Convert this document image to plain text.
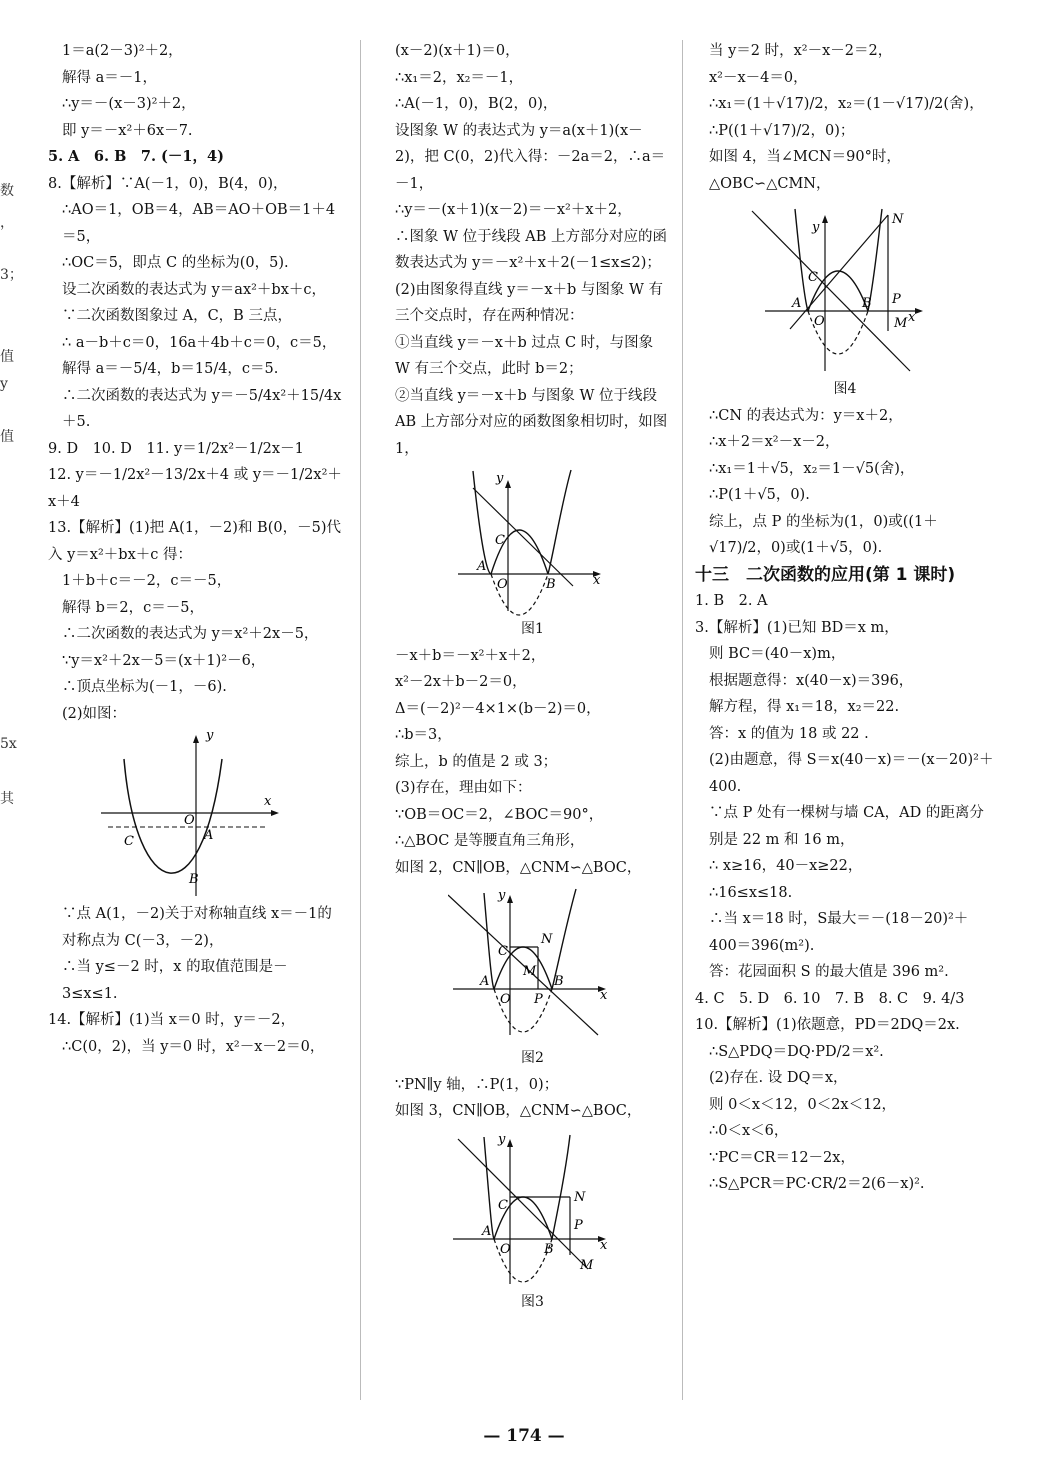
数
，
3；
值
y
值
5x
其

1＝a(2－3)²＋2，

解得 a＝－1，

∴y＝－(x－3)²＋2，

即 y＝－x²＋6x－7.

5. A　6. B　7. (－1，4)

8.【解析】∵A(－1，0)，B(4，0)，

∴AO＝1，OB＝4，AB＝AO＋OB＝1＋4＝5，

∴OC＝5，即点 C 的坐标为(0，5).

设二次函数的表达式为 y＝ax²＋bx＋c，

∵二次函数图象过 A，C，B 三点，

∴ a－b＋c＝0，16a＋4b＋c＝0，c＝5，

解得 a＝－5/4，b＝15/4，c＝5.

∴二次函数的表达式为 y＝－5/4x²＋15/4x＋5.

9. D　10. D　11. y＝1/2x²－1/2x－1

12. y＝－1/2x²－13/2x＋4 或 y＝－1/2x²＋x＋4

13.【解析】(1)把 A(1，－2)和 B(0，－5)代入 y＝x²＋bx＋c 得：

1＋b＋c＝－2，c＝－5，

解得 b＝2，c＝－5，

∴二次函数的表达式为 y＝x²＋2x－5，

∵y＝x²＋2x－5＝(x＋1)²－6，

∴顶点坐标为(－1，－6).

(2)如图：

y
x
O
A
C
B

∵点 A(1，－2)关于对称轴直线 x＝－1的对称点为 C(－3，－2)，

∴当 y≤－2 时，x 的取值范围是－3≤x≤1.

14.【解析】(1)当 x＝0 时，y＝－2，

∴C(0，2)，当 y＝0 时，x²－x－2＝0，

(x－2)(x＋1)＝0，

∴x₁＝2，x₂＝－1，

∴A(－1，0)，B(2，0)，

设图象 W 的表达式为 y＝a(x＋1)(x－2)，把 C(0，2)代入得：－2a＝2，∴a＝－1，

∴y＝－(x＋1)(x－2)＝－x²＋x＋2，

∴图象 W 位于线段 AB 上方部分对应的函数表达式为 y＝－x²＋x＋2(－1≤x≤2)；

(2)由图象得直线 y＝－x＋b 与图象 W 有三个交点时，存在两种情况：

①当直线 y＝－x＋b 过点 C 时，与图象 W 有三个交点，此时 b＝2；

②当直线 y＝－x＋b 与图象 W 位于线段 AB 上方部分对应的函数图象相切时，如图 1，

y
x
A
O
C
B

图1

－x＋b＝－x²＋x＋2，

x²－2x＋b－2＝0，

Δ＝(－2)²－4×1×(b－2)＝0，

∴b＝3，

综上，b 的值是 2 或 3；

(3)存在，理由如下：

∵OB＝OC＝2，∠BOC＝90°，

∴△BOC 是等腰直角三角形，

如图 2，CN∥OB，△CNM∽△BOC，

y
x
A
O
C
N
M
P
B

图2

∵PN∥y 轴，∴P(1，0)；

如图 3，CN∥OB，△CNM∽△BOC，

y
x
A
O
C
N
P
B
M

图3

当 y＝2 时，x²－x－2＝2，

x²－x－4＝0，

∴x₁＝(1＋√17)/2，x₂＝(1－√17)/2(舍)，

∴P((1＋√17)/2，0)；

如图 4，当∠MCN＝90°时，△OBC∽△CMN，

y
x
A
O
C
B
N
P
M

图4

∴CN 的表达式为：y＝x＋2，

∴x＋2＝x²－x－2，

∴x₁＝1＋√5，x₂＝1－√5(舍)，

∴P(1＋√5，0).

综上，点 P 的坐标为(1，0)或((1＋√17)/2，0)或(1＋√5，0).

十三　二次函数的应用(第 1 课时)

1. B　2. A

3.【解析】(1)已知 BD＝x m，

则 BC＝(40－x)m，

根据题意得：x(40－x)＝396，

解方程，得 x₁＝18，x₂＝22.

答：x 的值为 18 或 22 .

(2)由题意，得 S＝x(40－x)＝－(x－20)²＋400.

∵点 P 处有一棵树与墙 CA，AD 的距离分别是 22 m 和 16 m，

∴ x≥16，40－x≥22，

∴16≤x≤18.

∴当 x＝18 时，S最大＝－(18－20)²＋400＝396(m²).

答：花园面积 S 的最大值是 396 m².

4. C　5. D　6. 10　7. B　8. C　9. 4/3

10.【解析】(1)依题意，PD＝2DQ＝2x.

∴S△PDQ＝DQ·PD/2＝x².

(2)存在. 设 DQ＝x，

则 0＜x＜12，0＜2x＜12，

∴0＜x＜6，

∵PC＝CR＝12－2x，

∴S△PCR＝PC·CR/2＝2(6－x)².

— 174 —
